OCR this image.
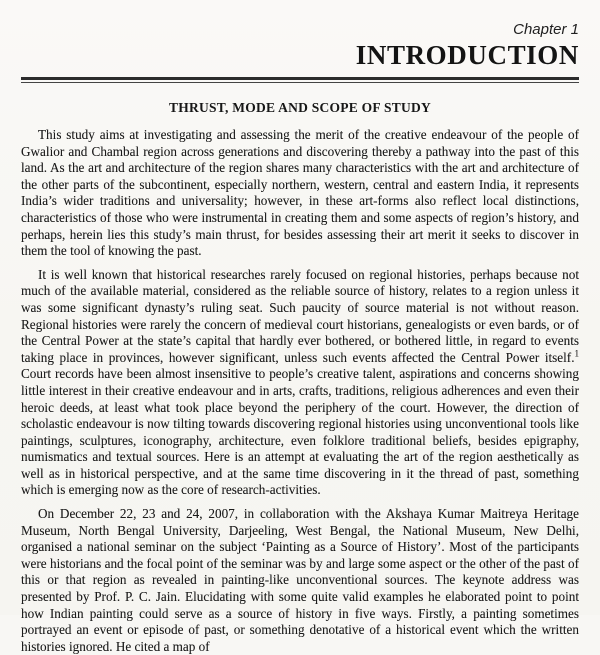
Chapter 1
INTRODUCTION
THRUST, MODE AND SCOPE OF STUDY

This study aims at investigating and assessing the merit of the creative endeavour of the people of Gwalior and Chambal region across generations and discovering thereby a pathway into the past of this land. As the art and architecture of the region shares many characteristics with the art and architecture of the other parts of the subcontinent, especially northern, western, central and eastern India, it represents India’s wider traditions and universality; however, in these art-forms also reflect local distinctions, characteristics of those who were instrumental in creating them and some aspects of region’s history, and perhaps, herein lies this study’s main thrust, for besides assessing their art merit it seeks to discover in them the tool of knowing the past.

It is well known that historical researches rarely focused on regional histories, perhaps because not much of the available material, considered as the reliable source of history, relates to a region unless it was some significant dynasty’s ruling seat. Such paucity of source material is not without reason. Regional histories were rarely the concern of medieval court historians, genealogists or even bards, or of the Central Power at the state’s capital that hardly ever bothered, or bothered little, in regard to events taking place in provinces, however significant, unless such events affected the Central Power itself.$^1$ Court records have been almost insensitive to people’s creative talent, aspirations and concerns showing little interest in their creative endeavour and in arts, crafts, traditions, religious adherences and even their heroic deeds, at least what took place beyond the periphery of the court. However, the direction of scholastic endeavour is now tilting towards discovering regional histories using unconventional tools like paintings, sculptures, iconography, architecture, even folklore traditional beliefs, besides epigraphy, numismatics and textual sources. Here is an attempt at evaluating the art of the region aesthetically as well as in historical perspective, and at the same time discovering in it the thread of past, something which is emerging now as the core of research-activities.

On December 22, 23 and 24, 2007, in collaboration with the Akshaya Kumar Maitreya Heritage Museum, North Bengal University, Darjeeling, West Bengal, the National Museum, New Delhi, organised a national seminar on the subject ‘Painting as a Source of History’. Most of the participants were historians and the focal point of the seminar was by and large some aspect or the other of the past of this or that region as revealed in painting-like unconventional sources. The keynote address was presented by Prof. P. C. Jain. Elucidating with some quite valid examples he elaborated point to point how Indian painting could serve as a source of history in five ways. Firstly, a painting sometimes portrayed an event or episode of past, or something denotative of a historical event which the written histories ignored. He cited a map of
